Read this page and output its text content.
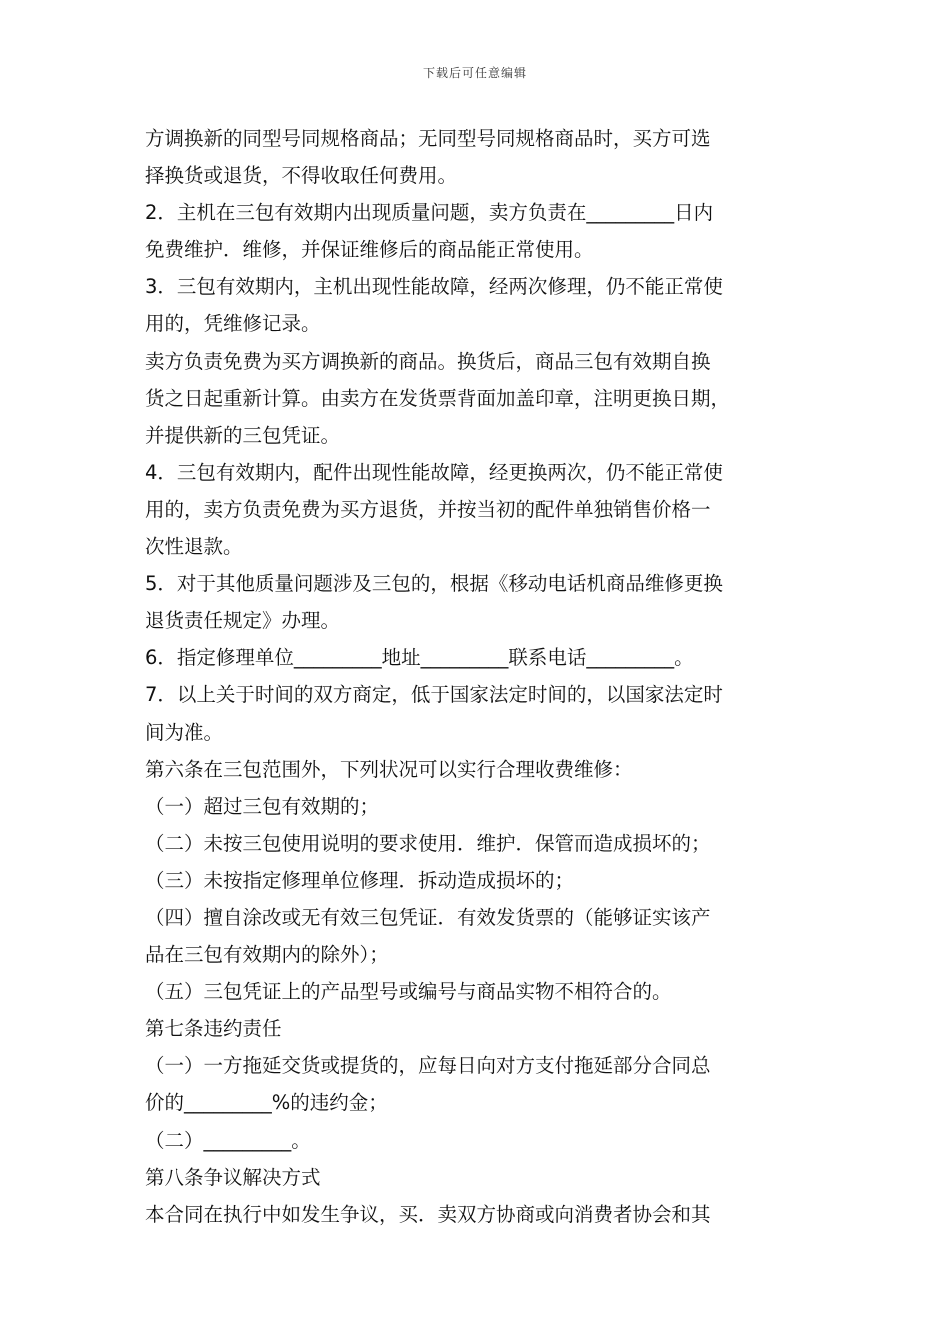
下载后可任意编辑
方调换新的同型号同规格商品；无同型号同规格商品时，买方可选
择换货或退货，不得收取任何费用。
2．主机在三包有效期内出现质量问题，卖方负责在_________日内
免费维护．维修，并保证维修后的商品能正常使用。
3．三包有效期内，主机出现性能故障，经两次修理，仍不能正常使
用的，凭维修记录。
卖方负责免费为买方调换新的商品。换货后，商品三包有效期自换
货之日起重新计算。由卖方在发货票背面加盖印章，注明更换日期，
并提供新的三包凭证。
4．三包有效期内，配件出现性能故障，经更换两次，仍不能正常使
用的，卖方负责免费为买方退货，并按当初的配件单独销售价格一
次性退款。
5．对于其他质量问题涉及三包的，根据《移动电话机商品维修更换
退货责任规定》办理。
6．指定修理单位_________地址_________联系电话_________。
7．以上关于时间的双方商定，低于国家法定时间的，以国家法定时
间为准。
第六条在三包范围外，下列状况可以实行合理收费维修：
（一）超过三包有效期的；
（二）未按三包使用说明的要求使用．维护．保管而造成损坏的；
（三）未按指定修理单位修理．拆动造成损坏的；
（四）擅自涂改或无有效三包凭证．有效发货票的（能够证实该产
品在三包有效期内的除外）；
（五）三包凭证上的产品型号或编号与商品实物不相符合的。
第七条违约责任
（一）一方拖延交货或提货的，应每日向对方支付拖延部分合同总
价的_________%的违约金；
（二）_________。
第八条争议解决方式
本合同在执行中如发生争议，买．卖双方协商或向消费者协会和其
